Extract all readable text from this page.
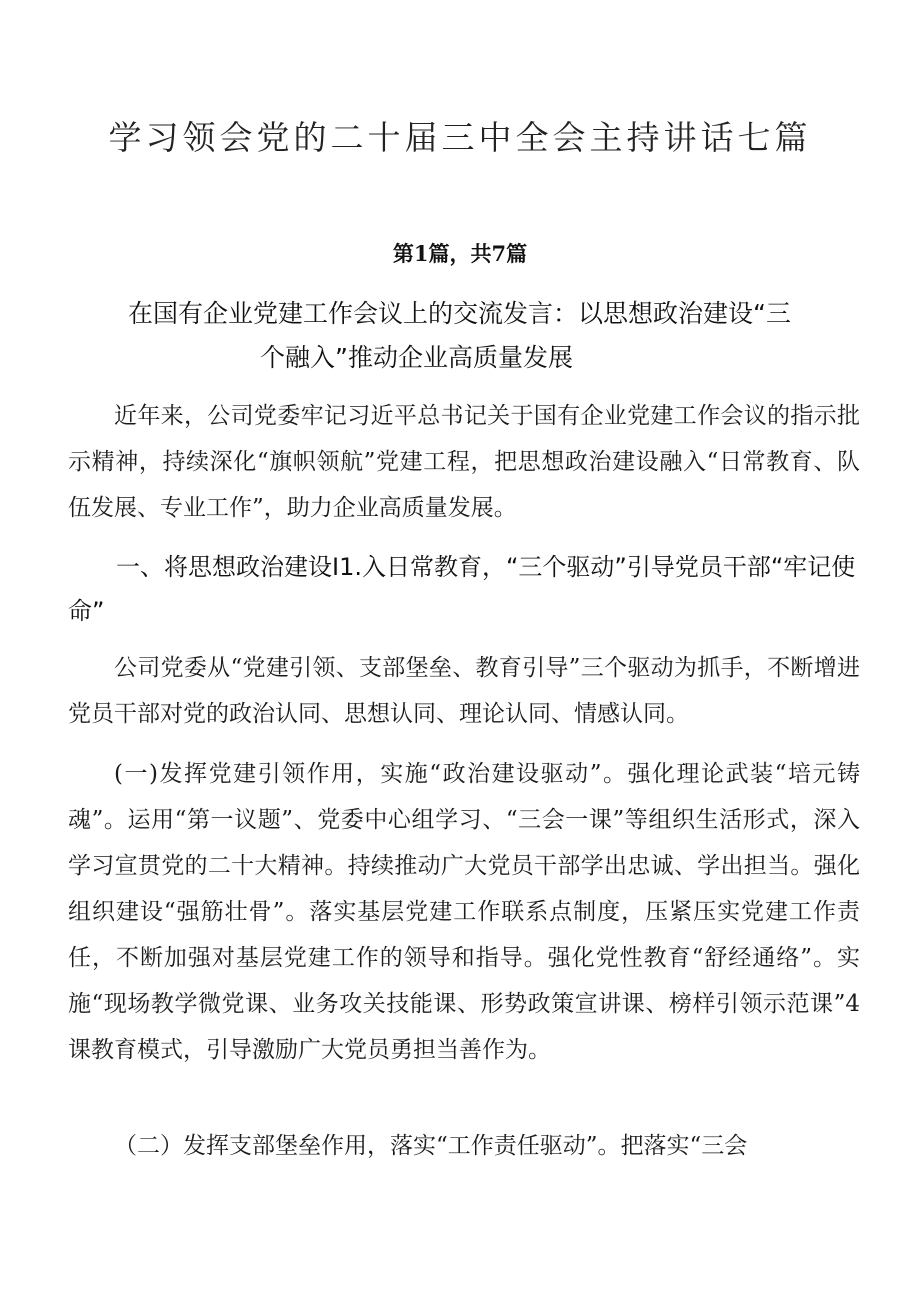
学习领会党的二十届三中全会主持讲话七篇
第1篇，共7篇
在国有企业党建工作会议上的交流发言：以思想政治建设“三
个融入”推动企业高质量发展

近年来，公司党委牢记习近平总书记关于国有企业党建工作会议的指示批示精神，持续深化“旗帜领航”党建工程，把思想政治建设融入“日常教育、队伍发展、专业工作”，助力企业高质量发展。

一、将思想政治建设I1.入日常教育，“三个驱动”引导党员干部“牢记使命”

公司党委从“党建引领、支部堡垒、教育引导”三个驱动为抓手，不断增进党员干部对党的政治认同、思想认同、理论认同、情感认同。

(一)发挥党建引领作用，实施“政治建设驱动”。强化理论武装“培元铸魂”。运用“第一议题”、党委中心组学习、“三会一课”等组织生活形式，深入学习宣贯党的二十大精神。持续推动广大党员干部学出忠诚、学出担当。强化组织建设“强筋壮骨”。落实基层党建工作联系点制度，压紧压实党建工作责任，不断加强对基层党建工作的领导和指导。强化党性教育“舒经通络”。实施“现场教学微党课、业务攻关技能课、形势政策宣讲课、榜样引领示范课”4课教育模式，引导激励广大党员勇担当善作为。

（二）发挥支部堡垒作用，落实“工作责任驱动”。把落实“三会
